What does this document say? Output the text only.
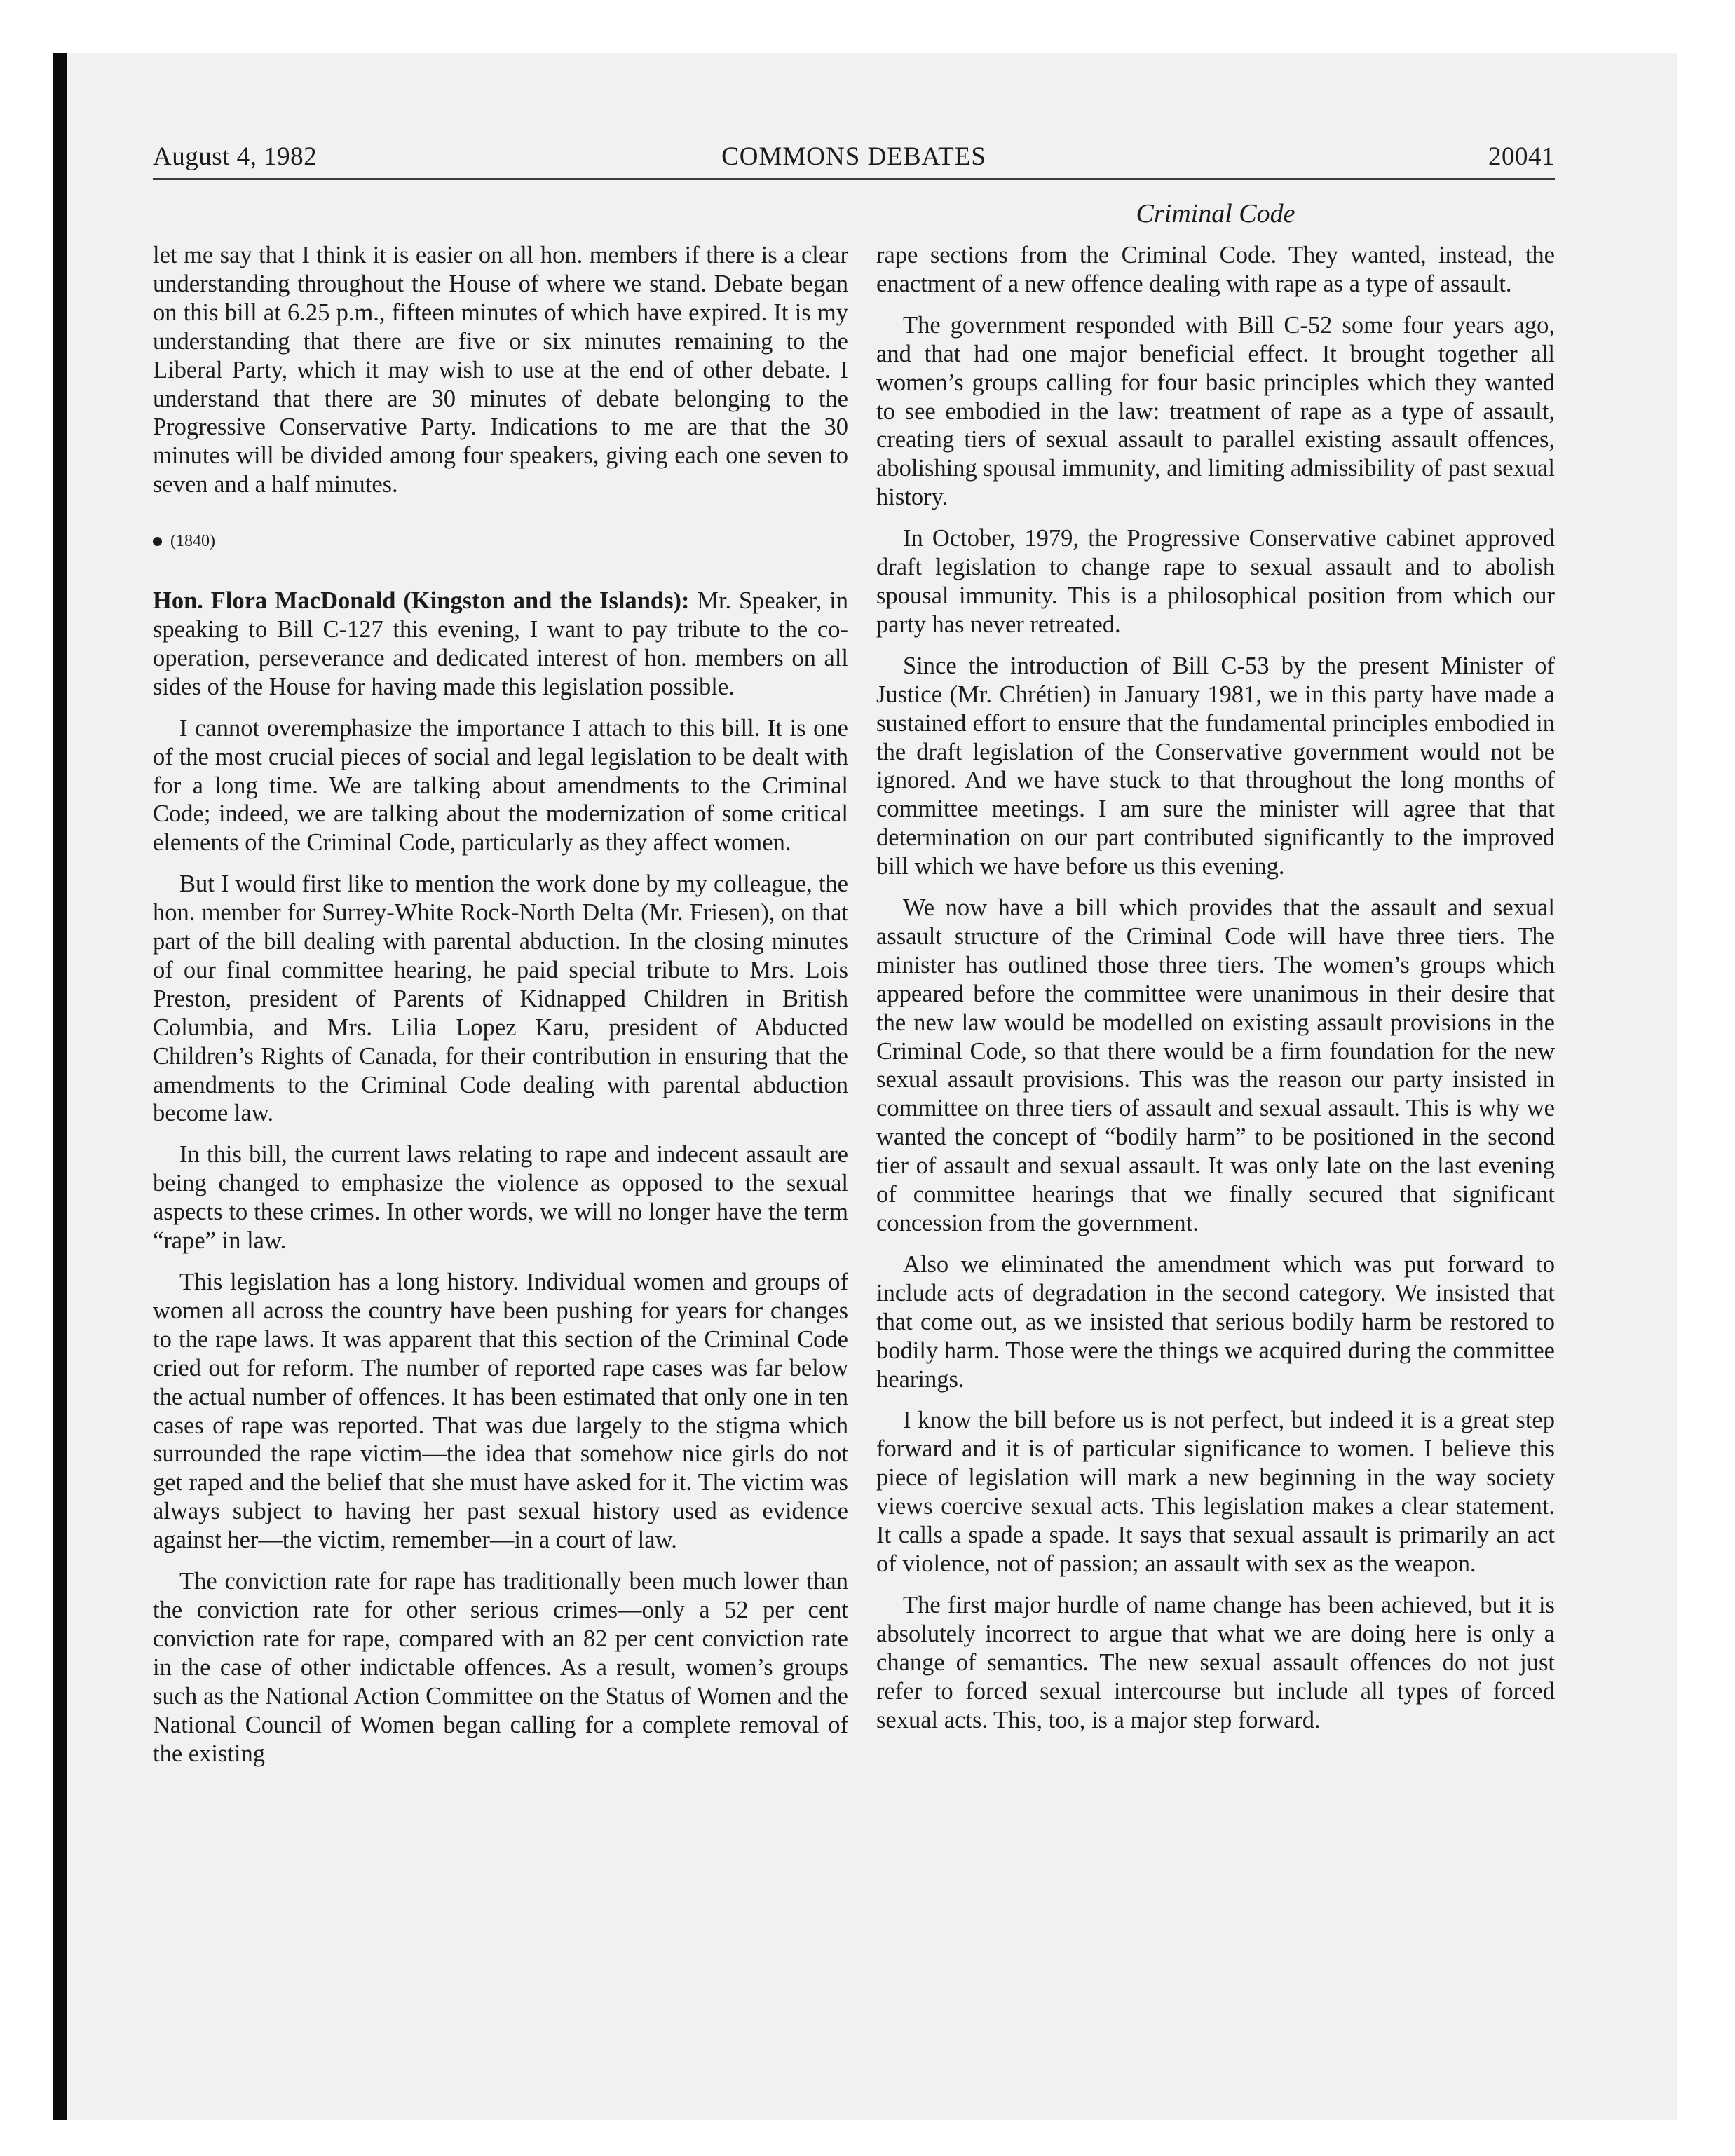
August 4, 1982	COMMONS DEBATES	20041
Criminal Code

let me say that I think it is easier on all hon. members if there is a clear understanding throughout the House of where we stand. Debate began on this bill at 6.25 p.m., fifteen minutes of which have expired. It is my understanding that there are five or six minutes remaining to the Liberal Party, which it may wish to use at the end of other debate. I understand that there are 30 minutes of debate belonging to the Progressive Conservative Party. Indications to me are that the 30 minutes will be divided among four speakers, giving each one seven to seven and a half minutes.

(1840)

Hon. Flora MacDonald (Kingston and the Islands): Mr. Speaker, in speaking to Bill C-127 this evening, I want to pay tribute to the co-operation, perseverance and dedicated interest of hon. members on all sides of the House for having made this legislation possible.

I cannot overemphasize the importance I attach to this bill. It is one of the most crucial pieces of social and legal legislation to be dealt with for a long time. We are talking about amendments to the Criminal Code; indeed, we are talking about the modernization of some critical elements of the Criminal Code, particularly as they affect women.

But I would first like to mention the work done by my colleague, the hon. member for Surrey-White Rock-North Delta (Mr. Friesen), on that part of the bill dealing with parental abduction. In the closing minutes of our final committee hearing, he paid special tribute to Mrs. Lois Preston, president of Parents of Kidnapped Children in British Columbia, and Mrs. Lilia Lopez Karu, president of Abducted Children’s Rights of Canada, for their contribution in ensuring that the amendments to the Criminal Code dealing with parental abduction become law.

In this bill, the current laws relating to rape and indecent assault are being changed to emphasize the violence as opposed to the sexual aspects to these crimes. In other words, we will no longer have the term “rape” in law.

This legislation has a long history. Individual women and groups of women all across the country have been pushing for years for changes to the rape laws. It was apparent that this section of the Criminal Code cried out for reform. The number of reported rape cases was far below the actual number of offences. It has been estimated that only one in ten cases of rape was reported. That was due largely to the stigma which surrounded the rape victim—the idea that somehow nice girls do not get raped and the belief that she must have asked for it. The victim was always subject to having her past sexual history used as evidence against her—the victim, remember—in a court of law.

The conviction rate for rape has traditionally been much lower than the conviction rate for other serious crimes—only a 52 per cent conviction rate for rape, compared with an 82 per cent conviction rate in the case of other indictable offences. As a result, women’s groups such as the National Action Committee on the Status of Women and the National Council of Women began calling for a complete removal of the existing

rape sections from the Criminal Code. They wanted, instead, the enactment of a new offence dealing with rape as a type of assault.

The government responded with Bill C-52 some four years ago, and that had one major beneficial effect. It brought together all women’s groups calling for four basic principles which they wanted to see embodied in the law: treatment of rape as a type of assault, creating tiers of sexual assault to parallel existing assault offences, abolishing spousal immunity, and limiting admissibility of past sexual history.

In October, 1979, the Progressive Conservative cabinet approved draft legislation to change rape to sexual assault and to abolish spousal immunity. This is a philosophical position from which our party has never retreated.

Since the introduction of Bill C-53 by the present Minister of Justice (Mr. Chrétien) in January 1981, we in this party have made a sustained effort to ensure that the fundamental principles embodied in the draft legislation of the Conservative government would not be ignored. And we have stuck to that throughout the long months of committee meetings. I am sure the minister will agree that that determination on our part contributed significantly to the improved bill which we have before us this evening.

We now have a bill which provides that the assault and sexual assault structure of the Criminal Code will have three tiers. The minister has outlined those three tiers. The women’s groups which appeared before the committee were unanimous in their desire that the new law would be modelled on existing assault provisions in the Criminal Code, so that there would be a firm foundation for the new sexual assault provisions. This was the reason our party insisted in committee on three tiers of assault and sexual assault. This is why we wanted the concept of “bodily harm” to be positioned in the second tier of assault and sexual assault. It was only late on the last evening of committee hearings that we finally secured that significant concession from the government.

Also we eliminated the amendment which was put forward to include acts of degradation in the second category. We insisted that that come out, as we insisted that serious bodily harm be restored to bodily harm. Those were the things we acquired during the committee hearings.

I know the bill before us is not perfect, but indeed it is a great step forward and it is of particular significance to women. I believe this piece of legislation will mark a new beginning in the way society views coercive sexual acts. This legislation makes a clear statement. It calls a spade a spade. It says that sexual assault is primarily an act of violence, not of passion; an assault with sex as the weapon.

The first major hurdle of name change has been achieved, but it is absolutely incorrect to argue that what we are doing here is only a change of semantics. The new sexual assault offences do not just refer to forced sexual intercourse but include all types of forced sexual acts. This, too, is a major step forward.
